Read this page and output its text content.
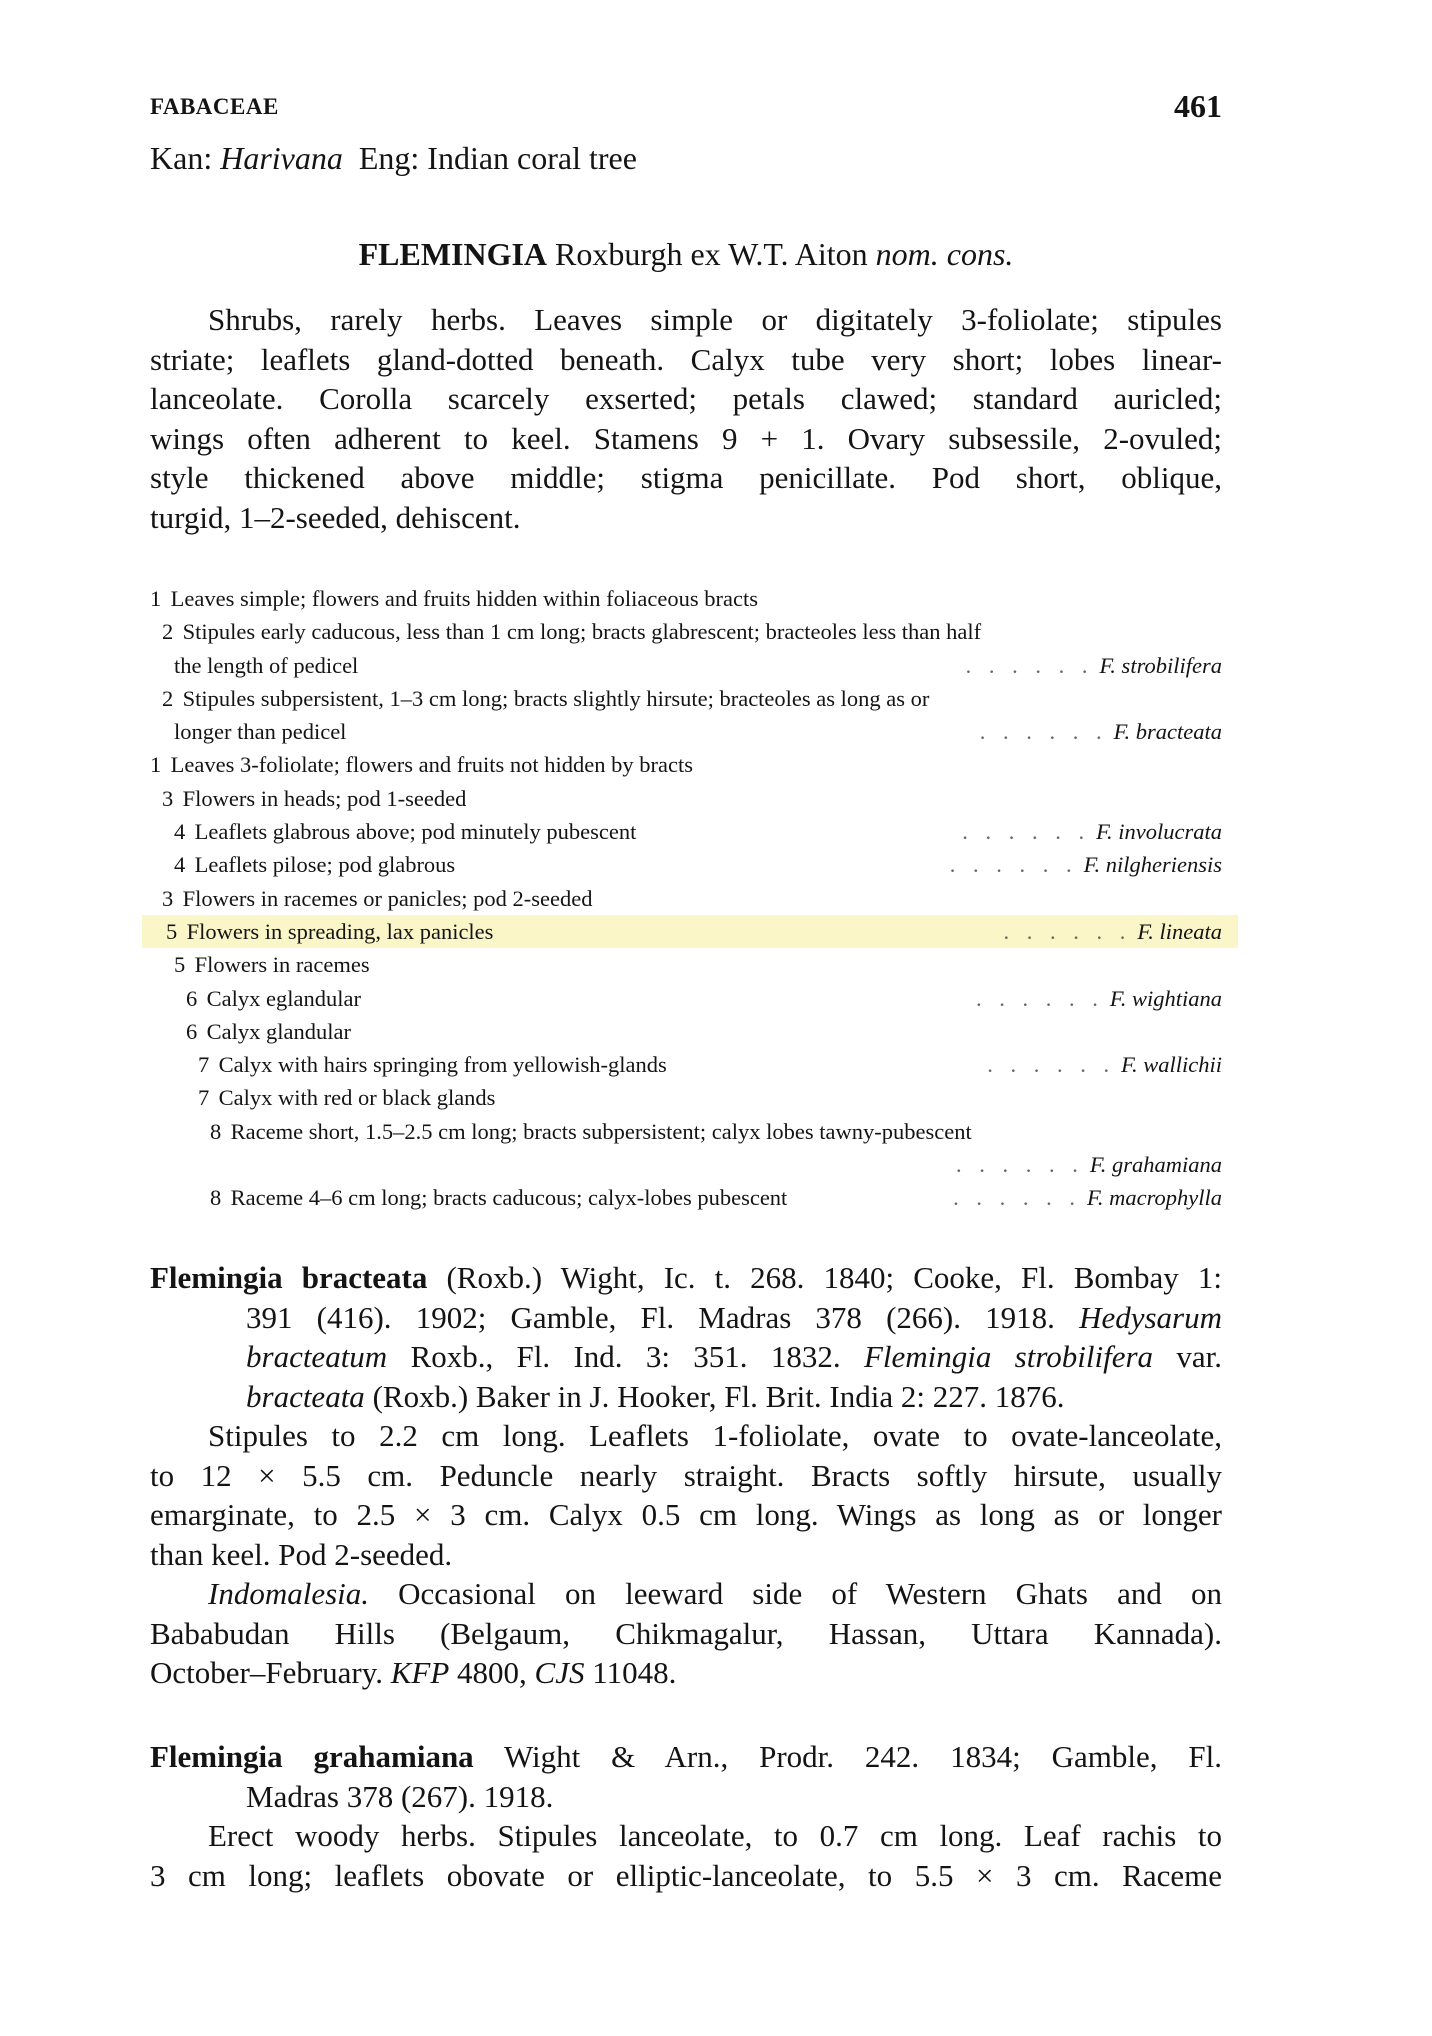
FABACEAE	461
Kan: Harivana Eng: Indian coral tree
FLEMINGIA Roxburgh ex W.T. Aiton nom. cons.
Shrubs, rarely herbs. Leaves simple or digitately 3-foliolate; stipules
striate; leaflets gland-dotted beneath. Calyx tube very short; lobes linear-
lanceolate. Corolla scarcely exserted; petals clawed; standard auricled;
wings often adherent to keel. Stamens 9 + 1. Ovary subsessile, 2-ovuled;
style thickened above middle; stigma penicillate. Pod short, oblique,
turgid, 1–2-seeded, dehiscent.
1 Leaves simple; flowers and fruits hidden within foliaceous bracts
2 Stipules early caducous, less than 1 cm long; bracts glabrescent; bracteoles less than half
the length of pedicel	. . . . . . F. strobilifera
2 Stipules subpersistent, 1–3 cm long; bracts slightly hirsute; bracteoles as long as or
longer than pedicel	. . . . . . F. bracteata
1 Leaves 3-foliolate; flowers and fruits not hidden by bracts
3 Flowers in heads; pod 1-seeded
4 Leaflets glabrous above; pod minutely pubescent	. . . . . . F. involucrata
4 Leaflets pilose; pod glabrous	. . . . . . F. nilgheriensis
3 Flowers in racemes or panicles; pod 2-seeded
5 Flowers in spreading, lax panicles	. . . . . . F. lineata
5 Flowers in racemes
6 Calyx eglandular	. . . . . . F. wightiana
6 Calyx glandular
7 Calyx with hairs springing from yellowish-glands	. . . . . . F. wallichii
7 Calyx with red or black glands
8 Raceme short, 1.5–2.5 cm long; bracts subpersistent; calyx lobes tawny-pubescent
. . . . . . F. grahamiana
8 Raceme 4–6 cm long; bracts caducous; calyx-lobes pubescent	. . . . . . F. macrophylla
Flemingia bracteata (Roxb.) Wight, Ic. t. 268. 1840; Cooke, Fl. Bombay 1:
391 (416). 1902; Gamble, Fl. Madras 378 (266). 1918. Hedysarum
bracteatum Roxb., Fl. Ind. 3: 351. 1832. Flemingia strobilifera var.
bracteata (Roxb.) Baker in J. Hooker, Fl. Brit. India 2: 227. 1876.
Stipules to 2.2 cm long. Leaflets 1-foliolate, ovate to ovate-lanceolate,
to 12 × 5.5 cm. Peduncle nearly straight. Bracts softly hirsute, usually
emarginate, to 2.5 × 3 cm. Calyx 0.5 cm long. Wings as long as or longer
than keel. Pod 2-seeded.
Indomalesia. Occasional on leeward side of Western Ghats and on
Bababudan Hills (Belgaum, Chikmagalur, Hassan, Uttara Kannada).
October–February. KFP 4800, CJS 11048.
Flemingia grahamiana Wight & Arn., Prodr. 242. 1834; Gamble, Fl.
Madras 378 (267). 1918.
Erect woody herbs. Stipules lanceolate, to 0.7 cm long. Leaf rachis to
3 cm long; leaflets obovate or elliptic-lanceolate, to 5.5 × 3 cm. Raceme
